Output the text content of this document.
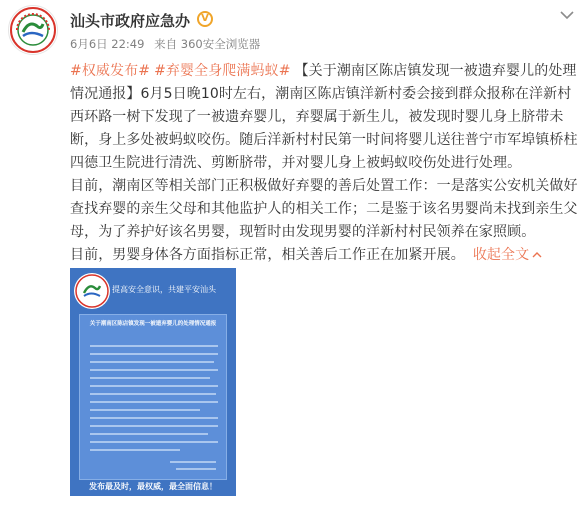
汕头市政府应急办	V
6月6日 22:49 来自 360安全浏览器

#权威发布# #弃婴全身爬满蚂蚁# 【关于潮南区陈店镇发现一被遗弃婴儿的处理情况通报】6月5日晚10时左右，潮南区陈店镇洋新村委会接到群众报称在洋新村西环路一树下发现了一被遗弃婴儿，弃婴属于新生儿，被发现时婴儿身上脐带未断，身上多处被蚂蚁咬伤。随后洋新村村民第一时间将婴儿送往普宁市军埠镇桥柱四德卫生院进行清洗、剪断脐带，并对婴儿身上被蚂蚁咬伤处进行处理。

目前，潮南区等相关部门正积极做好弃婴的善后处置工作：一是落实公安机关做好查找弃婴的亲生父母和其他监护人的相关工作；二是鉴于该名男婴尚未找到亲生父母，为了养护好该名男婴，现暂时由发现男婴的洋新村村民领养在家照顾。

目前，男婴身体各方面指标正常，相关善后工作正在加紧开展。 收起全文

提高安全意识，共建平安汕头
关于潮南区陈店镇发现一被遗弃婴儿的处理情况通报
发布最及时，最权威，最全面信息！
